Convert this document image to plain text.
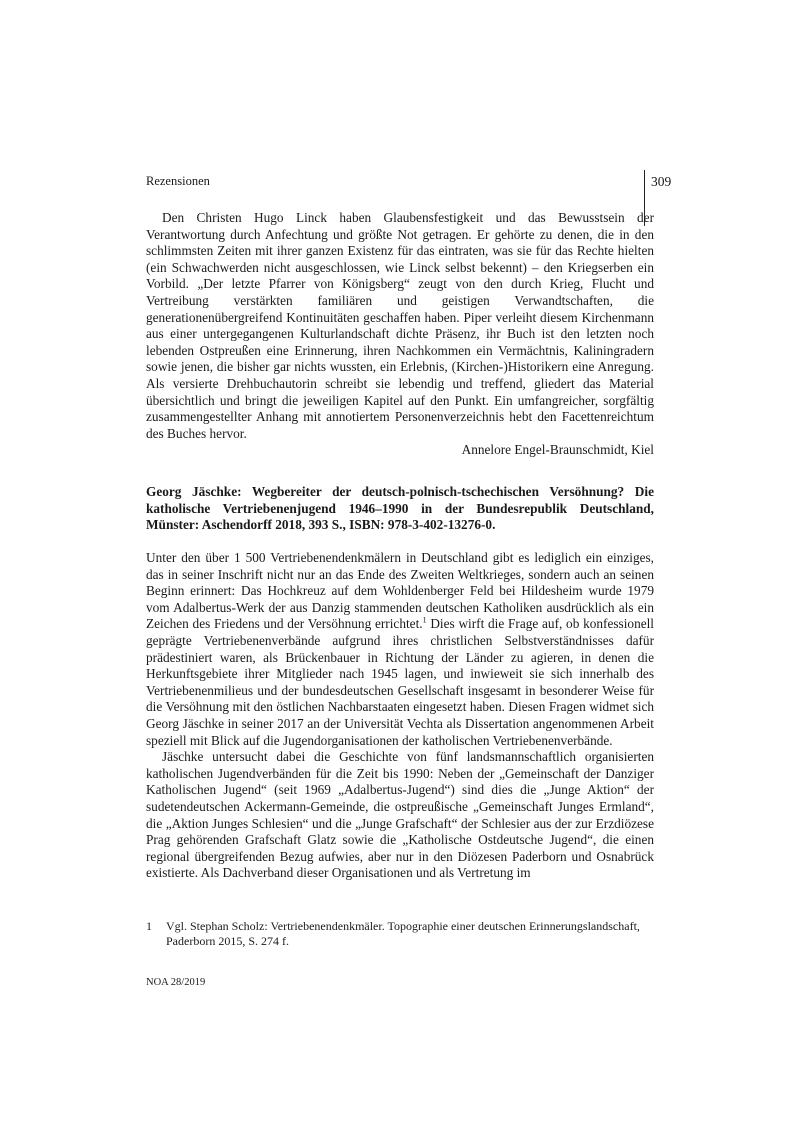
Rezensionen	309

Den Christen Hugo Linck haben Glaubensfestigkeit und das Bewusstsein der Verantwortung durch Anfechtung und größte Not getragen. Er gehörte zu denen, die in den schlimmsten Zeiten mit ihrer ganzen Existenz für das eintraten, was sie für das Rechte hielten (ein Schwachwerden nicht ausgeschlossen, wie Linck selbst bekennt) – den Kriegserben ein Vorbild. „Der letzte Pfarrer von Königsberg“ zeugt von den durch Krieg, Flucht und Vertreibung verstärkten familiären und geistigen Verwandtschaften, die generationenübergreifend Kontinuitäten geschaffen haben. Piper verleiht diesem Kirchenmann aus einer untergegangenen Kulturlandschaft dichte Präsenz, ihr Buch ist den letzten noch lebenden Ostpreußen eine Erinnerung, ihren Nachkommen ein Vermächtnis, Kaliningradern sowie jenen, die bisher gar nichts wussten, ein Erlebnis, (Kirchen-)Historikern eine Anregung. Als versierte Drehbuchautorin schreibt sie lebendig und treffend, gliedert das Material übersichtlich und bringt die jeweiligen Kapitel auf den Punkt. Ein umfangreicher, sorgfältig zusammengestellter Anhang mit annotiertem Personenverzeichnis hebt den Facettenreichtum des Buches hervor.

Annelore Engel-Braunschmidt, Kiel

Georg Jäschke: Wegbereiter der deutsch-polnisch-tschechischen Versöhnung? Die katholische Vertriebenenjugend 1946–1990 in der Bundesrepublik Deutschland, Münster: Aschendorff 2018, 393 S., ISBN: 978-3-402-13276-0.

Unter den über 1 500 Vertriebenendenkmälern in Deutschland gibt es lediglich ein einziges, das in seiner Inschrift nicht nur an das Ende des Zweiten Weltkrieges, sondern auch an seinen Beginn erinnert: Das Hochkreuz auf dem Wohldenberger Feld bei Hildesheim wurde 1979 vom Adalbertus-Werk der aus Danzig stammenden deutschen Katholiken ausdrücklich als ein Zeichen des Friedens und der Versöhnung errichtet.$^1$ Dies wirft die Frage auf, ob konfessionell geprägte Vertriebenenverbände aufgrund ihres christlichen Selbstverständnisses dafür prädestiniert waren, als Brückenbauer in Richtung der Länder zu agieren, in denen die Herkunftsgebiete ihrer Mitglieder nach 1945 lagen, und inwieweit sie sich innerhalb des Vertriebenenmilieus und der bundesdeutschen Gesellschaft insgesamt in besonderer Weise für die Versöhnung mit den östlichen Nachbarstaaten eingesetzt haben. Diesen Fragen widmet sich Georg Jäschke in seiner 2017 an der Universität Vechta als Dissertation angenommenen Arbeit speziell mit Blick auf die Jugendorganisationen der katholischen Vertriebenenverbände.

Jäschke untersucht dabei die Geschichte von fünf landsmannschaftlich organisierten katholischen Jugendverbänden für die Zeit bis 1990: Neben der „Gemeinschaft der Danziger Katholischen Jugend“ (seit 1969 „Adalbertus-Jugend“) sind dies die „Junge Aktion“ der sudetendeutschen Ackermann-Gemeinde, die ostpreußische „Gemeinschaft Junges Ermland“, die „Aktion Junges Schlesien“ und die „Junge Grafschaft“ der Schlesier aus der zur Erzdiözese Prag gehörenden Grafschaft Glatz sowie die „Katholische Ostdeutsche Jugend“, die einen regional übergreifenden Bezug aufwies, aber nur in den Diözesen Paderborn und Osnabrück existierte. Als Dachverband dieser Organisationen und als Vertretung im

1 Vgl. Stephan Scholz: Vertriebenendenkmäler. Topographie einer deutschen Erinnerungslandschaft, Paderborn 2015, S. 274 f.
NOA 28/2019
